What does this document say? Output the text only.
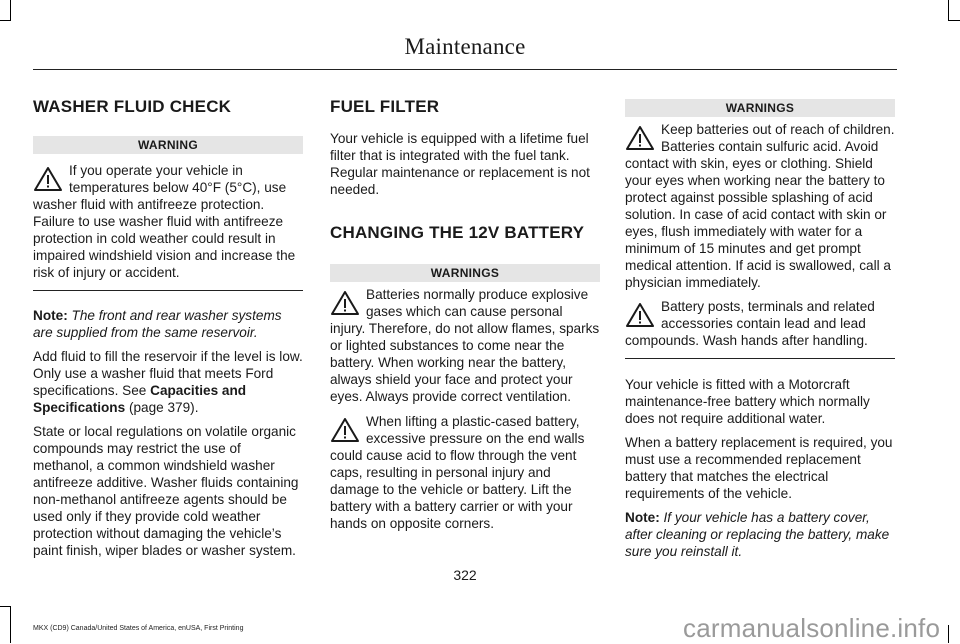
Maintenance
WASHER FLUID CHECK
WARNING

If you operate your vehicle in temperatures below 40°F (5°C), use washer fluid with antifreeze protection. Failure to use washer fluid with antifreeze protection in cold weather could result in impaired windshield vision and increase the risk of injury or accident.

Note: The front and rear washer systems are supplied from the same reservoir.

Add fluid to fill the reservoir if the level is low. Only use a washer fluid that meets Ford specifications. See Capacities and Specifications (page 379).

State or local regulations on volatile organic compounds may restrict the use of methanol, a common windshield washer antifreeze additive. Washer fluids containing non-methanol antifreeze agents should be used only if they provide cold weather protection without damaging the vehicle’s paint finish, wiper blades or washer system.

FUEL FILTER

Your vehicle is equipped with a lifetime fuel filter that is integrated with the fuel tank. Regular maintenance or replacement is not needed.

CHANGING THE 12V BATTERY
WARNINGS

Batteries normally produce explosive gases which can cause personal injury. Therefore, do not allow flames, sparks or lighted substances to come near the battery. When working near the battery, always shield your face and protect your eyes. Always provide correct ventilation.

When lifting a plastic-cased battery, excessive pressure on the end walls could cause acid to flow through the vent caps, resulting in personal injury and damage to the vehicle or battery. Lift the battery with a battery carrier or with your hands on opposite corners.

WARNINGS

Keep batteries out of reach of children. Batteries contain sulfuric acid. Avoid contact with skin, eyes or clothing. Shield your eyes when working near the battery to protect against possible splashing of acid solution. In case of acid contact with skin or eyes, flush immediately with water for a minimum of 15 minutes and get prompt medical attention. If acid is swallowed, call a physician immediately.

Battery posts, terminals and related accessories contain lead and lead compounds. Wash hands after handling.

Your vehicle is fitted with a Motorcraft maintenance-free battery which normally does not require additional water.

When a battery replacement is required, you must use a recommended replacement battery that matches the electrical requirements of the vehicle.

Note: If your vehicle has a battery cover, after cleaning or replacing the battery, make sure you reinstall it.

322
MKX (CD9) Canada/United States of America, enUSA, First Printing	carmanualsonline.info
